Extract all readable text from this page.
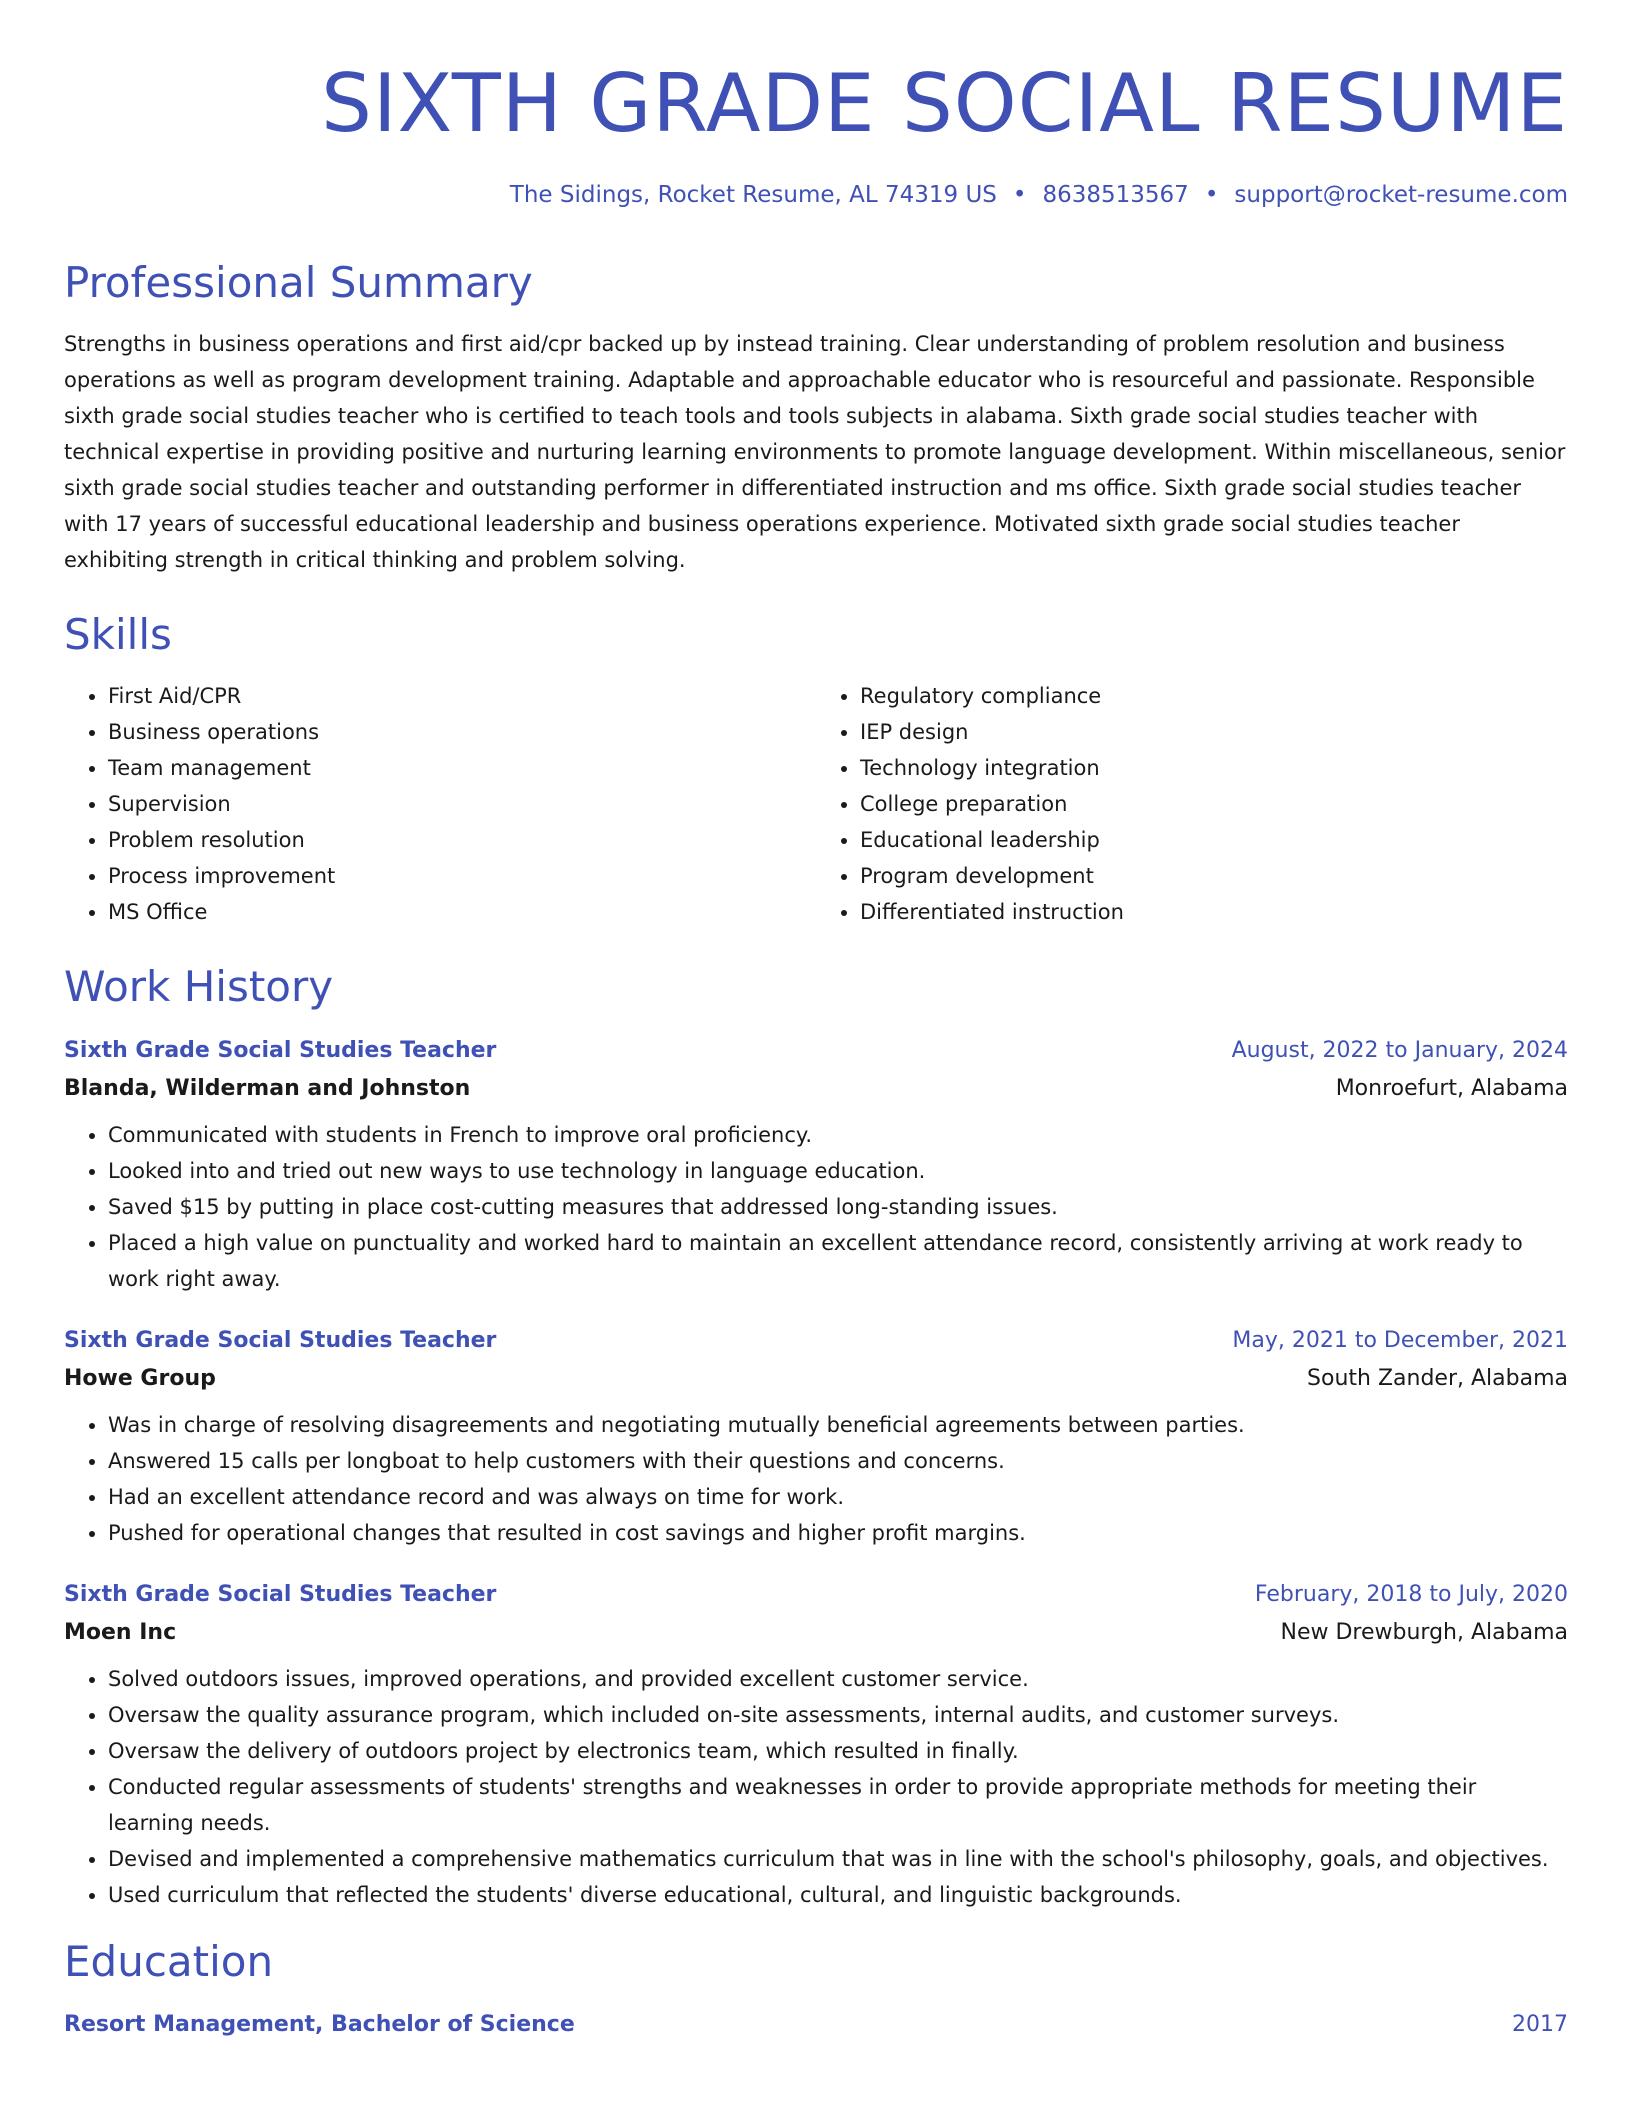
SIXTH GRADE SOCIAL RESUME
The Sidings, Rocket Resume, AL 74319 US • 8638513567 • support@rocket-resume.com
Professional Summary

Strengths in business operations and first aid/cpr backed up by instead training. Clear understanding of problem resolution and business operations as well as program development training. Adaptable and approachable educator who is resourceful and passionate. Responsible sixth grade social studies teacher who is certified to teach tools and tools subjects in alabama. Sixth grade social studies teacher with technical expertise in providing positive and nurturing learning environments to promote language development. Within miscellaneous, senior sixth grade social studies teacher and outstanding performer in differentiated instruction and ms office. Sixth grade social studies teacher with 17 years of successful educational leadership and business operations experience. Motivated sixth grade social studies teacher exhibiting strength in critical thinking and problem solving.

Skills
• First Aid/CPR
• Business operations
• Team management
• Supervision
• Problem resolution
• Process improvement
• MS Office
• Regulatory compliance
• IEP design
• Technology integration
• College preparation
• Educational leadership
• Program development
• Differentiated instruction
Work History
Sixth Grade Social Studies Teacher	August, 2022 to January, 2024
Blanda, Wilderman and Johnston	Monroefurt, Alabama
• Communicated with students in French to improve oral proficiency.
• Looked into and tried out new ways to use technology in language education.
• Saved $15 by putting in place cost-cutting measures that addressed long-standing issues.
• Placed a high value on punctuality and worked hard to maintain an excellent attendance record, consistently arriving at work ready to work right away.
Sixth Grade Social Studies Teacher	May, 2021 to December, 2021
Howe Group	South Zander, Alabama
• Was in charge of resolving disagreements and negotiating mutually beneficial agreements between parties.
• Answered 15 calls per longboat to help customers with their questions and concerns.
• Had an excellent attendance record and was always on time for work.
• Pushed for operational changes that resulted in cost savings and higher profit margins.
Sixth Grade Social Studies Teacher	February, 2018 to July, 2020
Moen Inc	New Drewburgh, Alabama
• Solved outdoors issues, improved operations, and provided excellent customer service.
• Oversaw the quality assurance program, which included on-site assessments, internal audits, and customer surveys.
• Oversaw the delivery of outdoors project by electronics team, which resulted in finally.
• Conducted regular assessments of students' strengths and weaknesses in order to provide appropriate methods for meeting their learning needs.
• Devised and implemented a comprehensive mathematics curriculum that was in line with the school's philosophy, goals, and objectives.
• Used curriculum that reflected the students' diverse educational, cultural, and linguistic backgrounds.
Education
Resort Management, Bachelor of Science	2017
